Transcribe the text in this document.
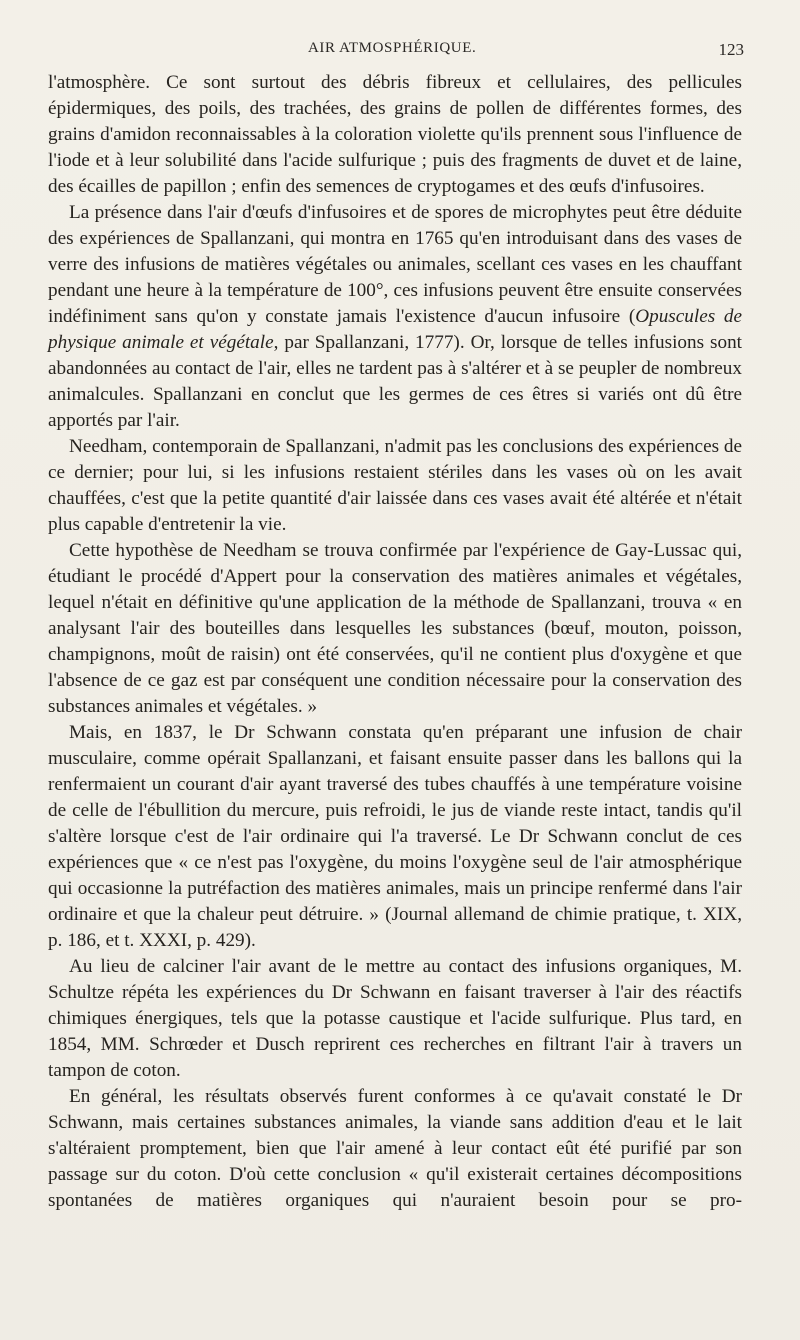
AIR ATMOSPHÉRIQUE.	123

l'atmosphère. Ce sont surtout des débris fibreux et cellulaires, des pellicules épidermiques, des poils, des trachées, des grains de pollen de différentes formes, des grains d'amidon reconnaissables à la coloration violette qu'ils prennent sous l'influence de l'iode et à leur solubilité dans l'acide sulfurique ; puis des fragments de duvet et de laine, des écailles de papillon ; enfin des semences de cryptogames et des œufs d'infusoires.

La présence dans l'air d'œufs d'infusoires et de spores de microphytes peut être déduite des expériences de Spallanzani, qui montra en 1765 qu'en introduisant dans des vases de verre des infusions de matières végétales ou animales, scellant ces vases en les chauffant pendant une heure à la température de 100°, ces infusions peuvent être ensuite conservées indéfiniment sans qu'on y constate jamais l'existence d'aucun infusoire (Opuscules de physique animale et végétale, par Spallanzani, 1777). Or, lorsque de telles infusions sont abandonnées au contact de l'air, elles ne tardent pas à s'altérer et à se peupler de nombreux animalcules. Spallanzani en conclut que les germes de ces êtres si variés ont dû être apportés par l'air.

Needham, contemporain de Spallanzani, n'admit pas les conclusions des expériences de ce dernier; pour lui, si les infusions restaient stériles dans les vases où on les avait chauffées, c'est que la petite quantité d'air laissée dans ces vases avait été altérée et n'était plus capable d'entretenir la vie.

Cette hypothèse de Needham se trouva confirmée par l'expérience de Gay-Lussac qui, étudiant le procédé d'Appert pour la conservation des matières animales et végétales, lequel n'était en définitive qu'une application de la méthode de Spallanzani, trouva « en analysant l'air des bouteilles dans lesquelles les substances (bœuf, mouton, poisson, champignons, moût de raisin) ont été conservées, qu'il ne contient plus d'oxygène et que l'absence de ce gaz est par conséquent une condition nécessaire pour la conservation des substances animales et végétales. »

Mais, en 1837, le Dr Schwann constata qu'en préparant une infusion de chair musculaire, comme opérait Spallanzani, et faisant ensuite passer dans les ballons qui la renfermaient un courant d'air ayant traversé des tubes chauffés à une température voisine de celle de l'ébullition du mercure, puis refroidi, le jus de viande reste intact, tandis qu'il s'altère lorsque c'est de l'air ordinaire qui l'a traversé. Le Dr Schwann conclut de ces expériences que « ce n'est pas l'oxygène, du moins l'oxygène seul de l'air atmosphérique qui occasionne la putréfaction des matières animales, mais un principe renfermé dans l'air ordinaire et que la chaleur peut détruire. » (Journal allemand de chimie pratique, t. XIX, p. 186, et t. XXXI, p. 429).

Au lieu de calciner l'air avant de le mettre au contact des infusions organiques, M. Schultze répéta les expériences du Dr Schwann en faisant traverser à l'air des réactifs chimiques énergiques, tels que la potasse caustique et l'acide sulfurique. Plus tard, en 1854, MM. Schrœder et Dusch reprirent ces recherches en filtrant l'air à travers un tampon de coton.

En général, les résultats observés furent conformes à ce qu'avait constaté le Dr Schwann, mais certaines substances animales, la viande sans addition d'eau et le lait s'altéraient promptement, bien que l'air amené à leur contact eût été purifié par son passage sur du coton. D'où cette conclusion « qu'il existerait certaines décompositions spontanées de matières organiques qui n'auraient besoin pour se pro-
